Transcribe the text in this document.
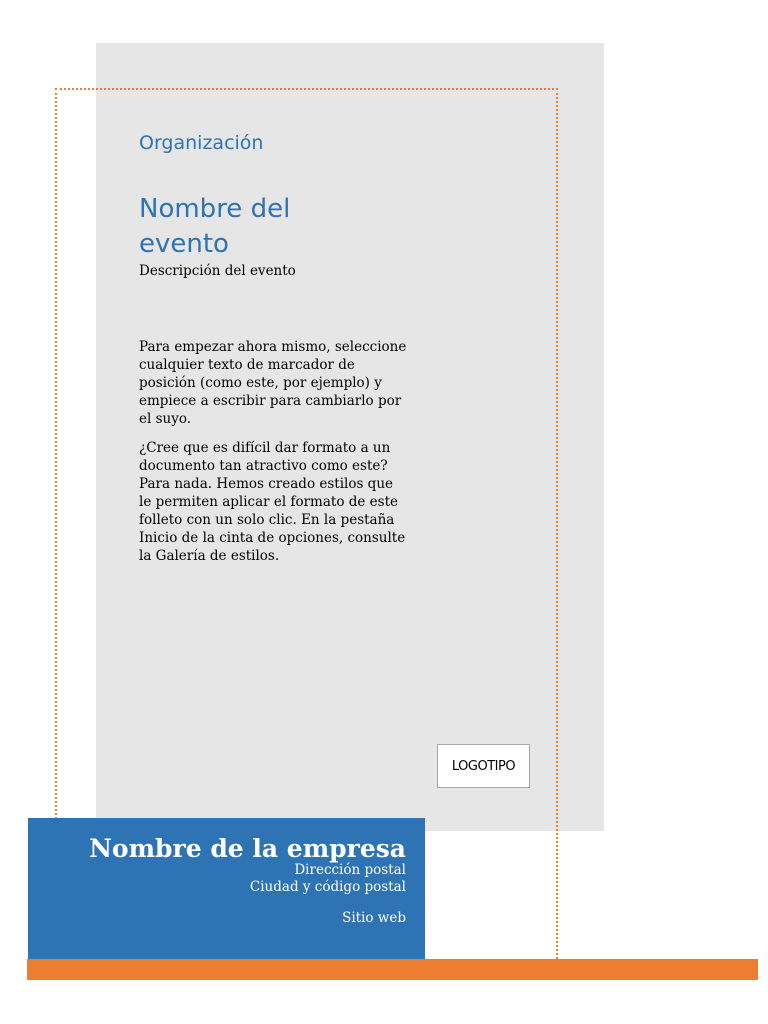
Organización
Nombre del evento
Descripción del evento

Para empezar ahora mismo, seleccione cualquier texto de marcador de posición (como este, por ejemplo) y empiece a escribir para cambiarlo por el suyo.

¿Cree que es difícil dar formato a un documento tan atractivo como este? Para nada. Hemos creado estilos que le permiten aplicar el formato de este folleto con un solo clic. En la pestaña Inicio de la cinta de opciones, consulte la Galería de estilos.

LOGOTIPO
Nombre de la empresa
Dirección postal
Ciudad y código postal
Sitio web
